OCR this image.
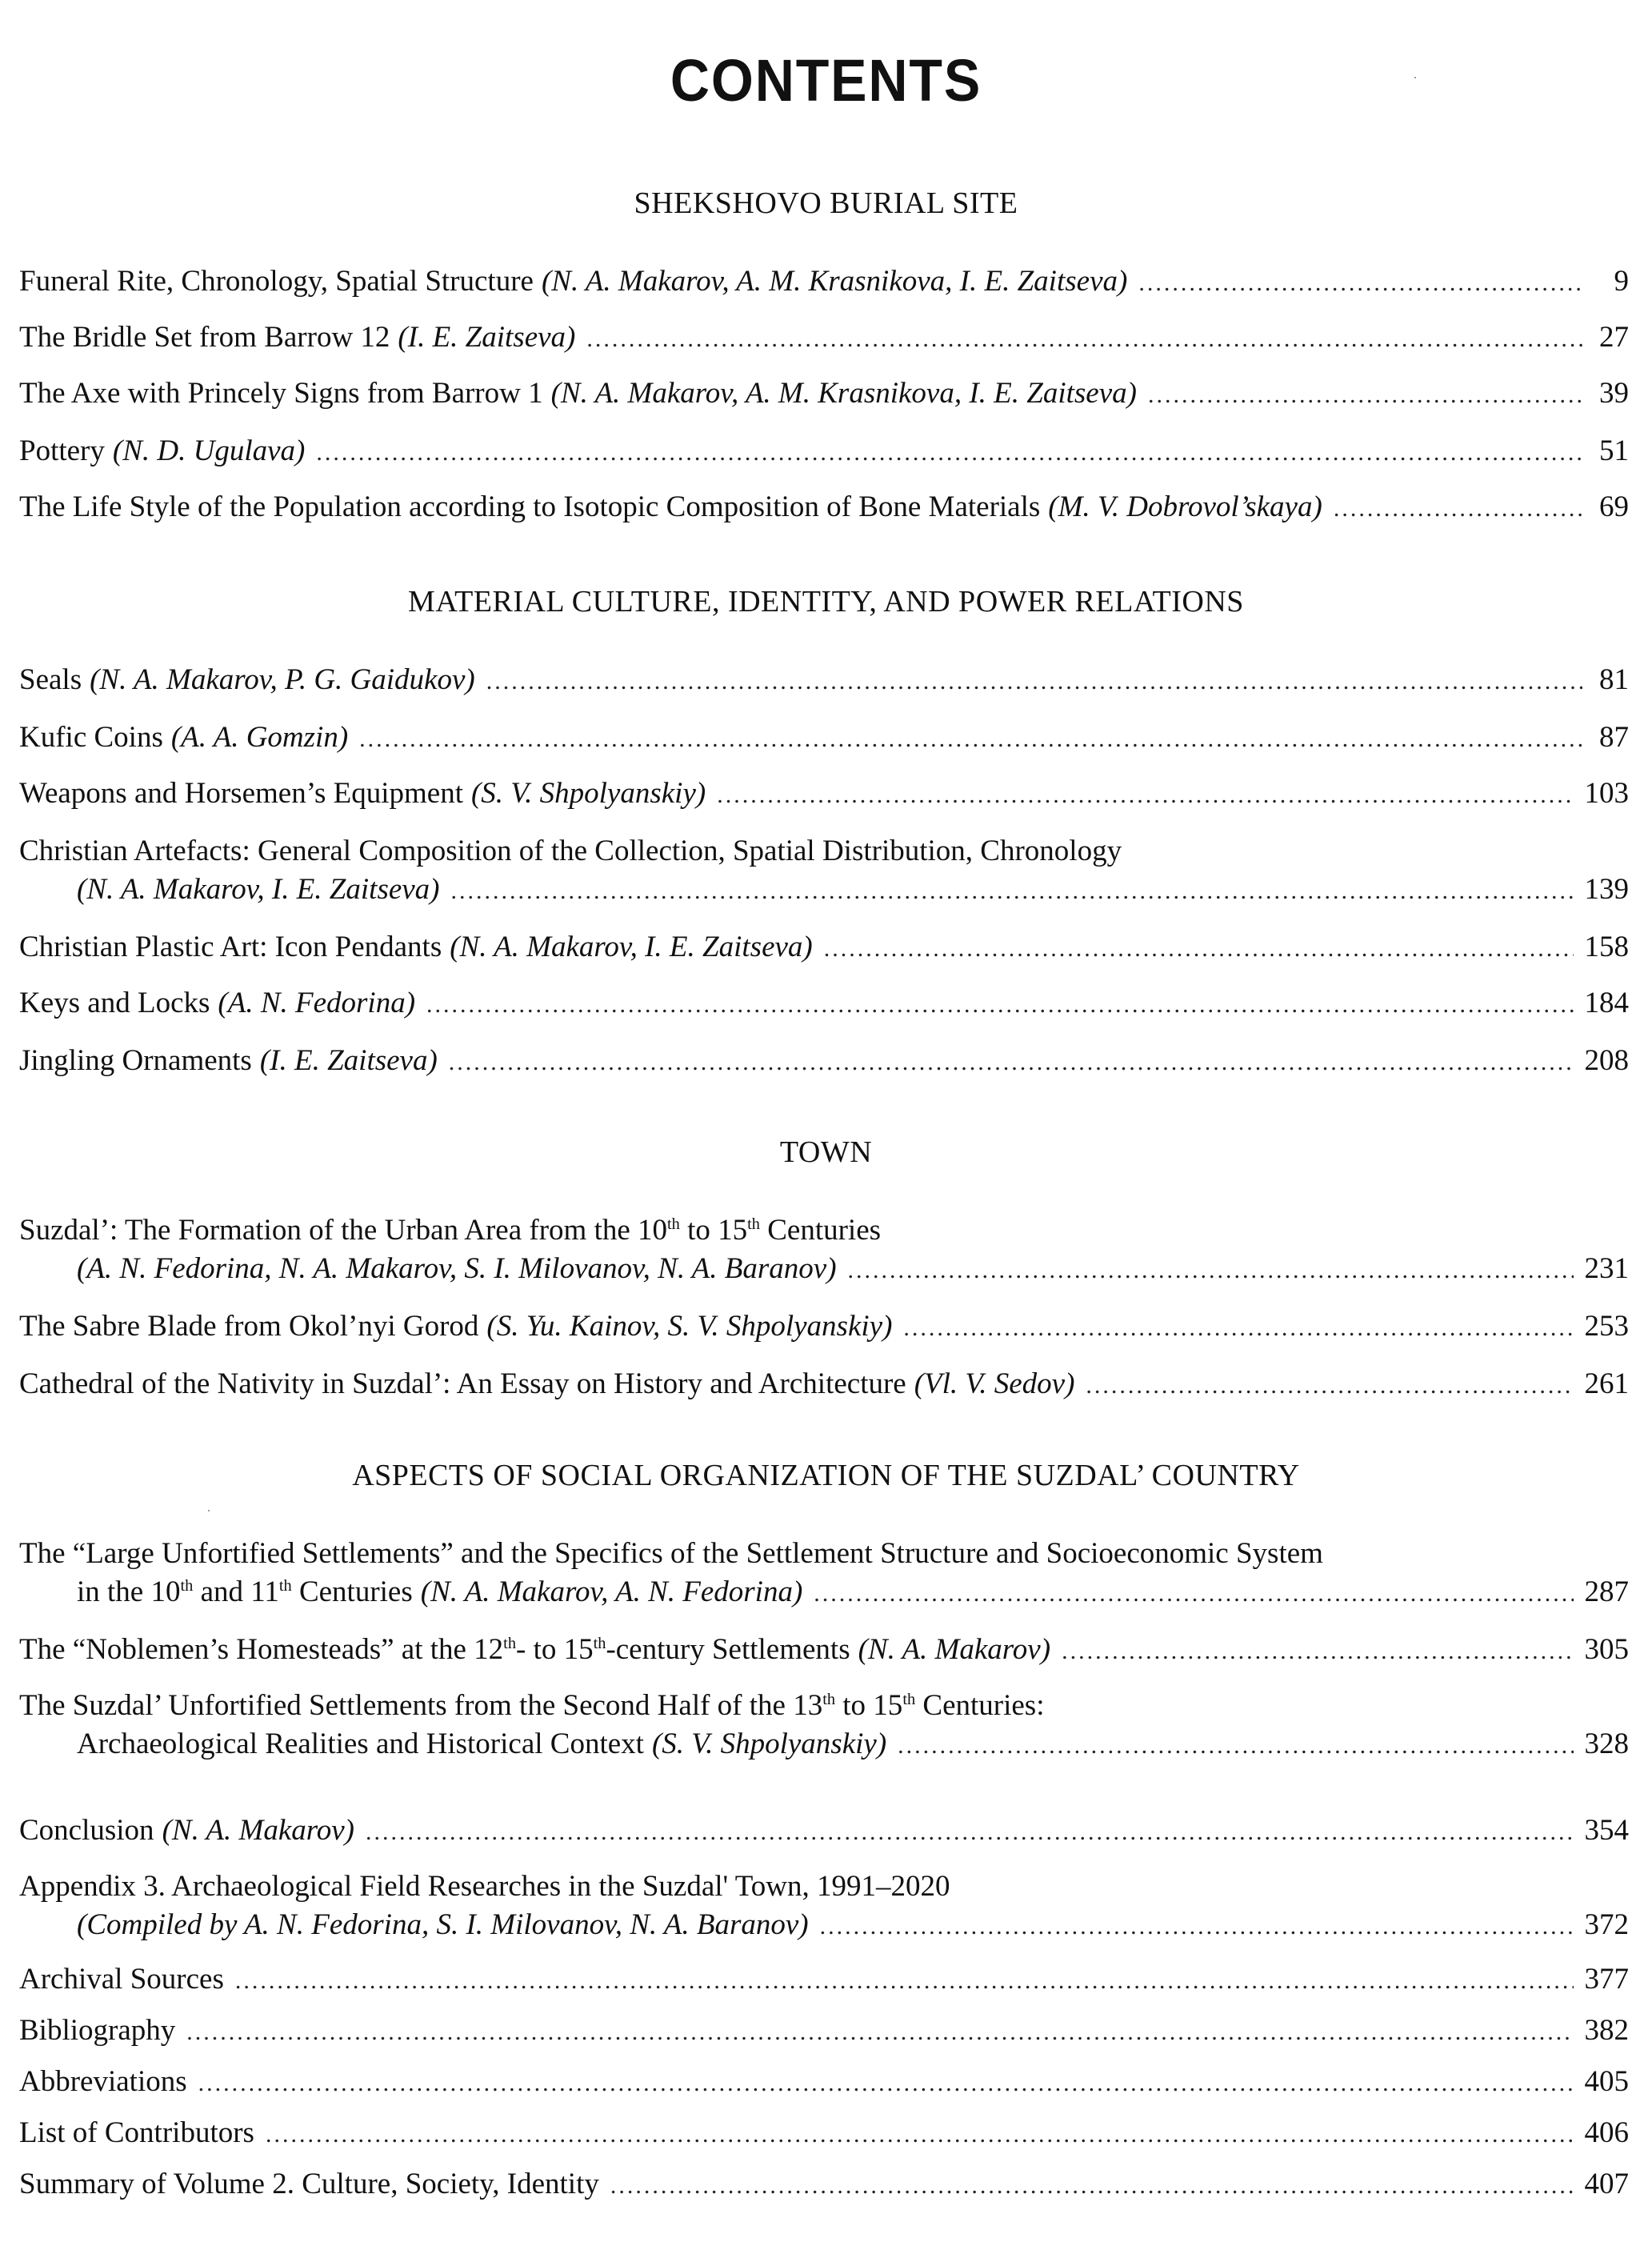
CONTENTS
SHEKSHOVO BURIAL SITE
Funeral Rite, Chronology, Spatial Structure (N. A. Makarov, A. M. Krasnikova, I. E. Zaitseva) .....	9
The Bridle Set from Barrow 12 (I. E. Zaitseva) .....	27
The Axe with Princely Signs from Barrow 1 (N. A. Makarov, A. M. Krasnikova, I. E. Zaitseva) .....	39
Pottery (N. D. Ugulava) .....	51
The Life Style of the Population according to Isotopic Composition of Bone Materials (M. V. Dobrovol’skaya) .....	69
MATERIAL CULTURE, IDENTITY, AND POWER RELATIONS
Seals (N. A. Makarov, P. G. Gaidukov) .....	81
Kufic Coins (A. A. Gomzin) .....	87
Weapons and Horsemen’s Equipment (S. V. Shpolyanskiy) .....	103
Christian Artefacts: General Composition of the Collection, Spatial Distribution, Chronology
(N. A. Makarov, I. E. Zaitseva) .....	139
Christian Plastic Art: Icon Pendants (N. A. Makarov, I. E. Zaitseva) .....	158
Keys and Locks (A. N. Fedorina) .....	184
Jingling Ornaments (I. E. Zaitseva) .....	208
TOWN
Suzdal’: The Formation of the Urban Area from the 10th to 15th Centuries
(A. N. Fedorina, N. A. Makarov, S. I. Milovanov, N. A. Baranov) .....	231
The Sabre Blade from Okol’nyi Gorod (S. Yu. Kainov, S. V. Shpolyanskiy) .....	253
Cathedral of the Nativity in Suzdal’: An Essay on History and Architecture (Vl. V. Sedov) .....	261
ASPECTS OF SOCIAL ORGANIZATION OF THE SUZDAL’ COUNTRY
The “Large Unfortified Settlements” and the Specifics of the Settlement Structure and Socioeconomic System
in the 10th and 11th Centuries (N. A. Makarov, A. N. Fedorina) .....	287
The “Noblemen’s Homesteads” at the 12th- to 15th-century Settlements (N. A. Makarov) .....	305
The Suzdal’ Unfortified Settlements from the Second Half of the 13th to 15th Centuries:
Archaeological Realities and Historical Context (S. V. Shpolyanskiy) .....	328
Conclusion (N. A. Makarov) .....	354
Appendix 3. Archaeological Field Researches in the Suzdal' Town, 1991–2020
(Compiled by A. N. Fedorina, S. I. Milovanov, N. A. Baranov) .....	372
Archival Sources .....	377
Bibliography .....	382
Abbreviations .....	405
List of Contributors .....	406
Summary of Volume 2. Culture, Society, Identity .....	407
